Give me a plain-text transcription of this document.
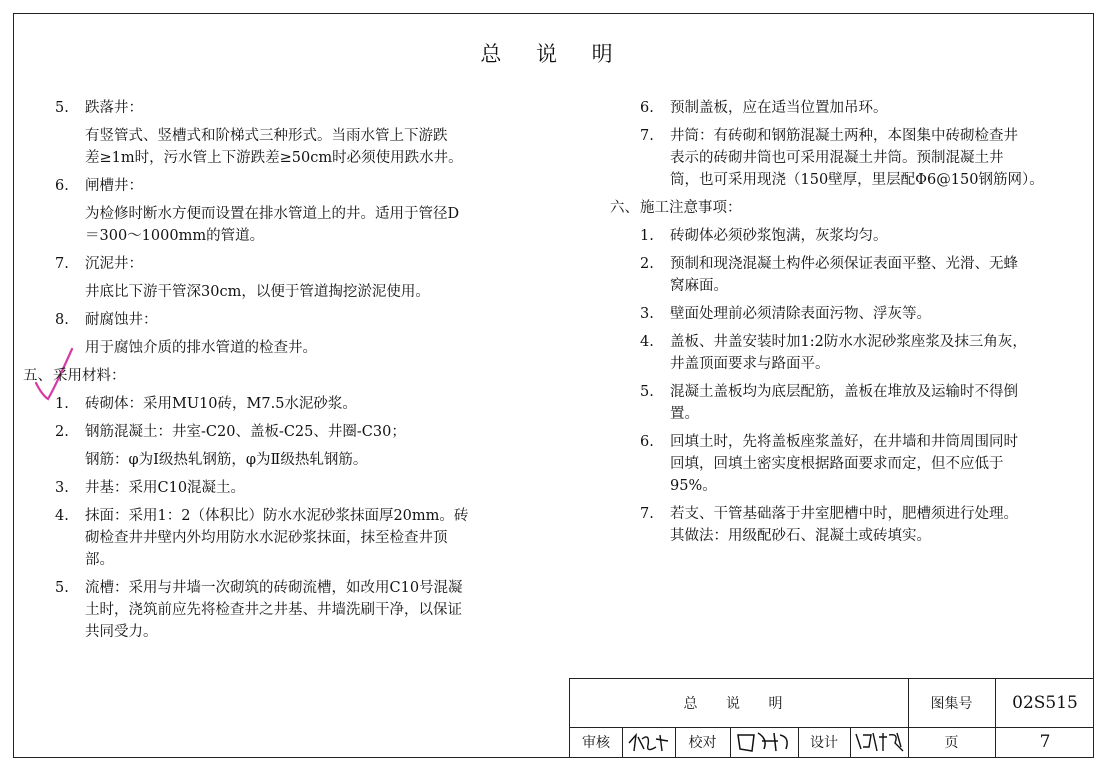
总 说 明
5.	跌落井：
有竖管式、竖槽式和阶梯式三种形式。当雨水管上下游跌
差≥1m时，污水管上下游跌差≥50cm时必须使用跌水井。
6.	闸槽井：
为检修时断水方便而设置在排水管道上的井。适用于管径D
＝300～1000mm的管道。
7.	沉泥井：
井底比下游干管深30cm，以便于管道掏挖淤泥使用。
8.	耐腐蚀井：
用于腐蚀介质的排水管道的检查井。
五、采用材料：
1.	砖砌体：采用MU10砖，M7.5水泥砂浆。
2.	钢筋混凝土：井室-C20、盖板-C25、井圈-C30；
钢筋：φ为Ⅰ级热轧钢筋，φ为Ⅱ级热轧钢筋。
3.	井基：采用C10混凝土。
4.	抹面：采用1：2（体积比）防水水泥砂浆抹面厚20mm。砖
砌检查井井壁内外均用防水水泥砂浆抹面，抹至检查井顶
部。
5.	流槽：采用与井墙一次砌筑的砖砌流槽，如改用C10号混凝
土时，浇筑前应先将检查井之井基、井墙洗刷干净，以保证
共同受力。
6.	预制盖板，应在适当位置加吊环。
7.	井筒：有砖砌和钢筋混凝土两种，本图集中砖砌检查井
表示的砖砌井筒也可采用混凝土井筒。预制混凝土井
筒，也可采用现浇（150壁厚，里层配Φ6@150钢筋网）。
六、施工注意事项：
1.	砖砌体必须砂浆饱满，灰浆均匀。
2.	预制和现浇混凝土构件必须保证表面平整、光滑、无蜂
窝麻面。
3.	壁面处理前必须清除表面污物、浮灰等。
4.	盖板、井盖安装时加1:2防水水泥砂浆座浆及抹三角灰，
井盖顶面要求与路面平。
5.	混凝土盖板均为底层配筋，盖板在堆放及运输时不得倒
置。
6.	回填土时，先将盖板座浆盖好，在井墙和井筒周围同时
回填，回填土密实度根据路面要求而定，但不应低于
95%。
7.	若支、干管基础落于井室肥槽中时，肥槽须进行处理。
其做法：用级配砂石、混凝土或砖填实。
总 说 明	图集号	02S515
审核	校对	设计	页	7
